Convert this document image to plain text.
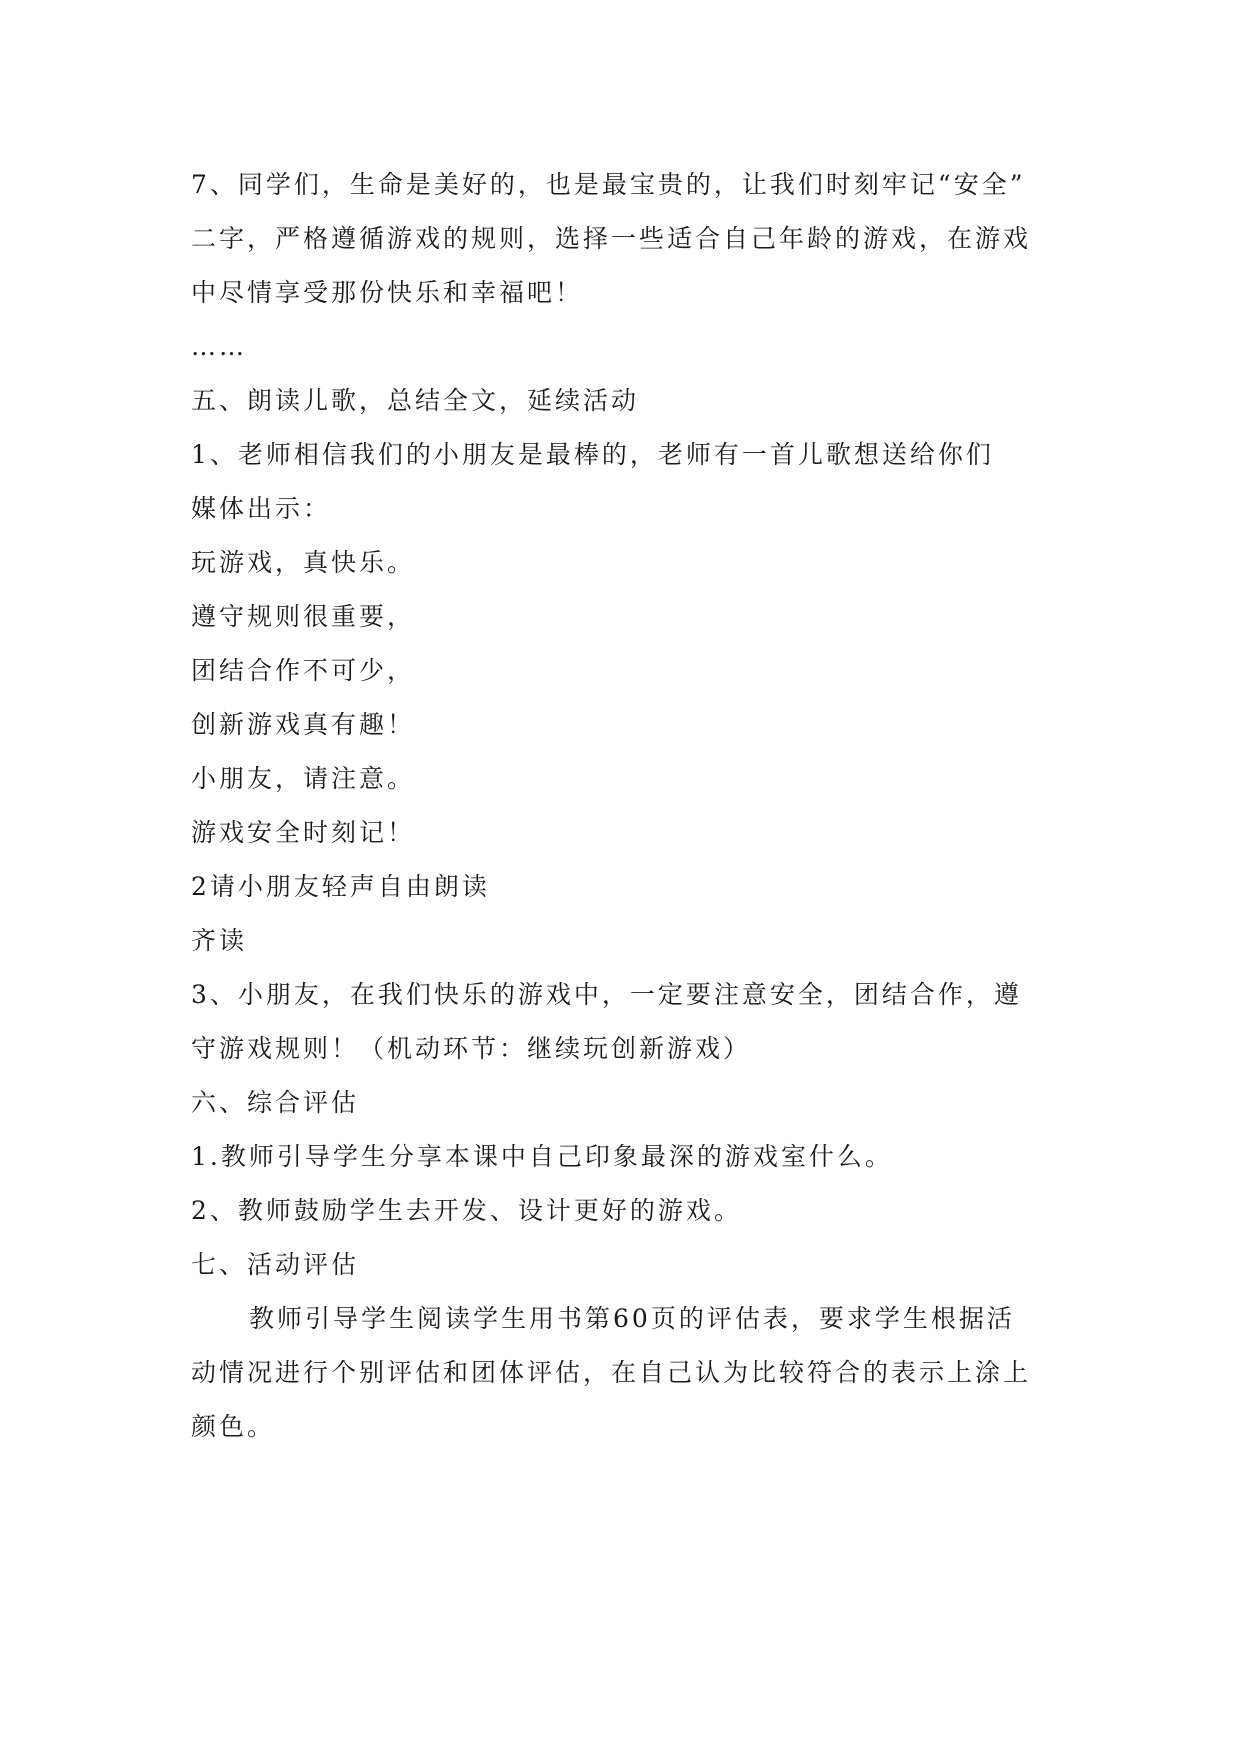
7、同学们，生命是美好的，也是最宝贵的，让我们时刻牢记“安全”
二字，严格遵循游戏的规则，选择一些适合自己年龄的游戏，在游戏
中尽情享受那份快乐和幸福吧！
……
五、朗读儿歌，总结全文，延续活动
1、老师相信我们的小朋友是最棒的，老师有一首儿歌想送给你们
媒体出示：
玩游戏，真快乐。
遵守规则很重要，
团结合作不可少，
创新游戏真有趣！
小朋友，请注意。
游戏安全时刻记！
2请小朋友轻声自由朗读
齐读
3、小朋友，在我们快乐的游戏中，一定要注意安全，团结合作，遵
守游戏规则！（机动环节：继续玩创新游戏）
六、综合评估
1.教师引导学生分享本课中自己印象最深的游戏室什么。
2、教师鼓励学生去开发、设计更好的游戏。
七、活动评估
教师引导学生阅读学生用书第60页的评估表，要求学生根据活
动情况进行个别评估和团体评估，在自己认为比较符合的表示上涂上
颜色。
